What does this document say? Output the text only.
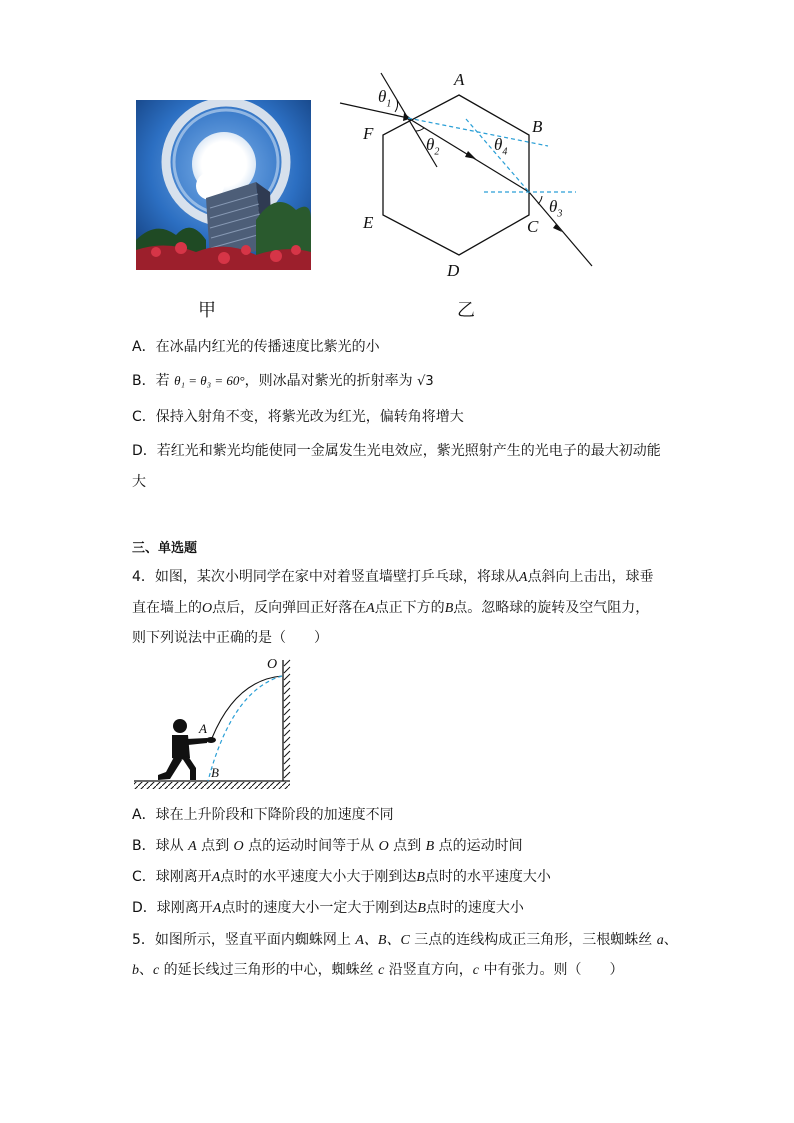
甲
A
B
C
D
E
F
$\theta_1$
$\theta_2$	$\theta_4$
$\theta_3$
乙
A．在冰晶内红光的传播速度比紫光的小
B．若 θ₁ = θ₃ = 60°，则冰晶对紫光的折射率为 √3
C．保持入射角不变，将紫光改为红光，偏转角将增大
D．若红光和紫光均能使同一金属发生光电效应，紫光照射产生的光电子的最大初动能
大
三、单选题
4．如图，某次小明同学在家中对着竖直墙壁打乒乓球，将球从A点斜向上击出，球垂
直在墙上的O点后，反向弹回正好落在A点正下方的B点。忽略球的旋转及空气阻力，
则下列说法中正确的是（　　）
O
A
B
A．球在上升阶段和下降阶段的加速度不同
B．球从 A 点到 O 点的运动时间等于从 O 点到 B 点的运动时间
C．球刚离开A点时的水平速度大小大于刚到达B点时的水平速度大小
D．球刚离开A点时的速度大小一定大于刚到达B点时的速度大小
5．如图所示，竖直平面内蜘蛛网上 A、B、C 三点的连线构成正三角形，三根蜘蛛丝 a、
b、c 的延长线过三角形的中心，蜘蛛丝 c 沿竖直方向，c 中有张力。则（　　）
